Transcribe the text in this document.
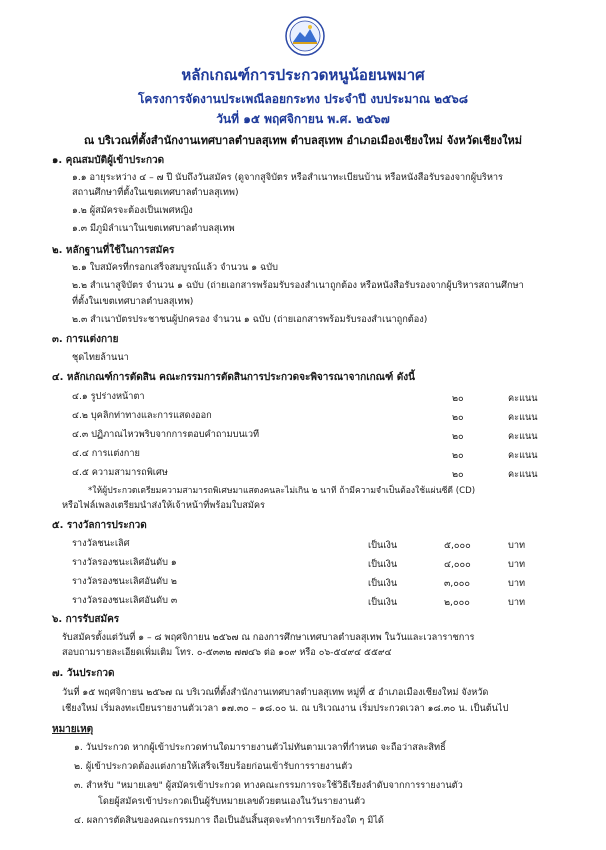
หลักเกณฑ์การประกวดหนูน้อยนพมาศ
โครงการจัดงานประเพณีลอยกระทง ประจำปี งบประมาณ ๒๕๖๘
วันที่ ๑๕ พฤศจิกายน พ.ศ. ๒๕๖๗
ณ บริเวณที่ตั้งสำนักงานเทศบาลตำบลสุเทพ ตำบลสุเทพ อำเภอเมืองเชียงใหม่ จังหวัดเชียงใหม่
๑. คุณสมบัติผู้เข้าประกวด
๑.๑ อายุระหว่าง ๔ – ๗ ปี นับถึงวันสมัคร (ดูจากสูจิบัตร หรือสำเนาทะเบียนบ้าน หรือหนังสือรับรองจากผู้บริหาร
สถานศึกษาที่ตั้งในเขตเทศบาลตำบลสุเทพ)
๑.๒ ผู้สมัครจะต้องเป็นเพศหญิง
๑.๓ มีภูมิลำเนาในเขตเทศบาลตำบลสุเทพ
๒. หลักฐานที่ใช้ในการสมัคร
๒.๑ ใบสมัครที่กรอกเสร็จสมบูรณ์แล้ว จำนวน ๑ ฉบับ
๒.๒ สำเนาสูจิบัตร จำนวน ๑ ฉบับ (ถ่ายเอกสารพร้อมรับรองสำเนาถูกต้อง หรือหนังสือรับรองจากผู้บริหารสถานศึกษา
ที่ตั้งในเขตเทศบาลตำบลสุเทพ)
๒.๓ สำเนาบัตรประชาชนผู้ปกครอง จำนวน ๑ ฉบับ (ถ่ายเอกสารพร้อมรับรองสำเนาถูกต้อง)
๓. การแต่งกาย
ชุดไทยล้านนา
๔. หลักเกณฑ์การตัดสิน คณะกรรมการตัดสินการประกวดจะพิจารณาจากเกณฑ์ ดังนี้
๔.๑ รูปร่างหน้าตา	๒๐	คะแนน
๔.๒ บุคลิกท่าทางและการแสดงออก	๒๐	คะแนน
๔.๓ ปฏิภาณไหวพริบจากการตอบคำถามบนเวที	๒๐	คะแนน
๔.๔ การแต่งกาย	๒๐	คะแนน
๔.๕ ความสามารถพิเศษ	๒๐	คะแนน
*ให้ผู้ประกวดเตรียมความสามารถพิเศษมาแสดงคนละไม่เกิน ๒ นาที ถ้ามีความจำเป็นต้องใช้แผ่นซีดี (CD)
หรือไฟล์เพลงเตรียมนำส่งให้เจ้าหน้าที่พร้อมใบสมัคร
๕. รางวัลการประกวด
รางวัลชนะเลิศ	เป็นเงิน	๕,๐๐๐	บาท
รางวัลรองชนะเลิศอันดับ ๑	เป็นเงิน	๔,๐๐๐	บาท
รางวัลรองชนะเลิศอันดับ ๒	เป็นเงิน	๓,๐๐๐	บาท
รางวัลรองชนะเลิศอันดับ ๓	เป็นเงิน	๒,๐๐๐	บาท
๖. การรับสมัคร
รับสมัครตั้งแต่วันที่ ๑ – ๘ พฤศจิกายน ๒๕๖๗ ณ กองการศึกษาเทศบาลตำบลสุเทพ ในวันและเวลาราชการ
สอบถามรายละเอียดเพิ่มเติม โทร. ๐-๕๓๓๒ ๗๗๔๖ ต่อ ๑๐๙ หรือ ๐๖-๕๔๙๔ ๕๕๙๔
๗. วันประกวด
วันที่ ๑๕ พฤศจิกายน ๒๕๖๗ ณ บริเวณที่ตั้งสำนักงานเทศบาลตำบลสุเทพ หมู่ที่ ๕ อำเภอเมืองเชียงใหม่ จังหวัด
เชียงใหม่ เริ่มลงทะเบียนรายงานตัวเวลา ๑๗.๓๐ – ๑๘.๐๐ น. ณ บริเวณงาน เริ่มประกวดเวลา ๑๘.๓๐ น. เป็นต้นไป
หมายเหตุ
๑. วันประกวด หากผู้เข้าประกวดท่านใดมารายงานตัวไม่ทันตามเวลาที่กำหนด จะถือว่าสละสิทธิ์
๒. ผู้เข้าประกวดต้องแต่งกายให้เสร็จเรียบร้อยก่อนเข้ารับการรายงานตัว
๓. สำหรับ "หมายเลข" ผู้สมัครเข้าประกวด ทางคณะกรรมการจะใช้วิธีเรียงลำดับจากการรายงานตัว
โดยผู้สมัครเข้าประกวดเป็นผู้รับหมายเลขด้วยตนเองในวันรายงานตัว
๔. ผลการตัดสินของคณะกรรมการ ถือเป็นอันสิ้นสุดจะทำการเรียกร้องใด ๆ มิได้
